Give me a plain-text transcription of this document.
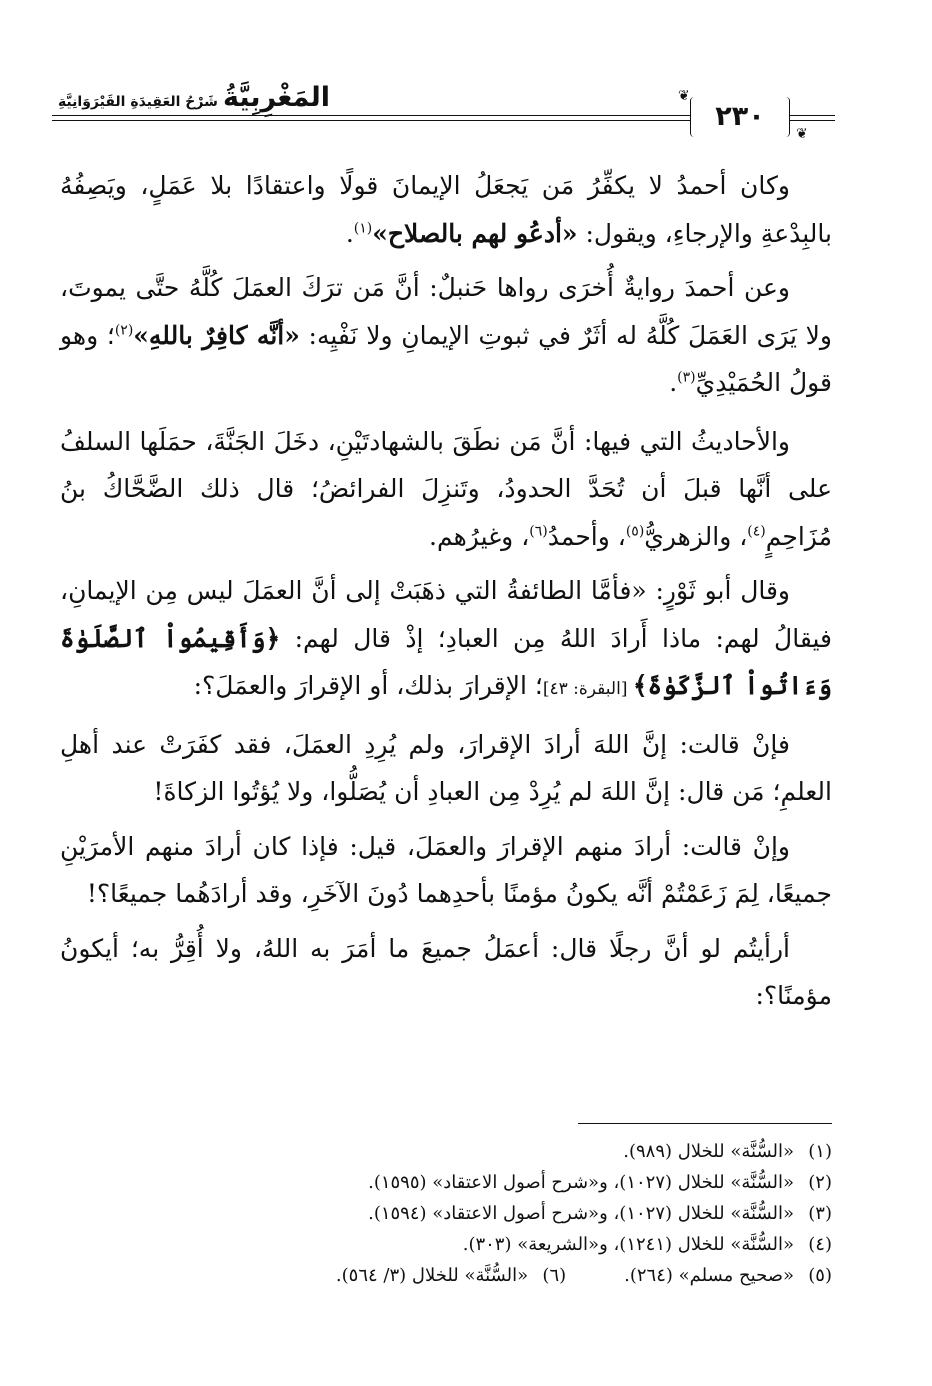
المَغْرِبِيَّةُ شَرْحُ العَقِيدَةِ القَيْرَوَانِيَّةِ	٢٣٠
❦
❦

وكان أحمدُ لا يكفِّرُ مَن يَجعَلُ الإيمانَ قولًا واعتقادًا بلا عَمَلٍ، ويَصِفُهُ بالبِدْعةِ والإرجاءِ، ويقول: «أدعُو لهم بالصلاح»$^{(١)}$.

وعن أحمدَ روايةٌ أُخرَى رواها حَنبلٌ: أنَّ مَن ترَكَ العمَلَ كُلَّهُ حتَّى يموتَ، ولا يَرَى العَمَلَ كُلَّهُ له أثَرٌ في ثبوتِ الإيمانِ ولا نَفْيِه: «أنَّه كافِرٌ باللهِ»$^{(٢)}$؛ وهو قولُ الحُمَيْدِيِّ$^{(٣)}$.

والأحاديثُ التي فيها: أنَّ مَن نطَقَ بالشهادتَيْنِ، دخَلَ الجَنَّةَ، حمَلَها السلفُ على أنَّها قبلَ أن تُحَدَّ الحدودُ، وتَنزِلَ الفرائضُ؛ قال ذلك الضَّحَّاكُ بنُ مُزَاحِمٍ$^{(٤)}$، والزهريُّ$^{(٥)}$، وأحمدُ$^{(٦)}$، وغيرُهم.

وقال أبو ثَوْرٍ: «فأمَّا الطائفةُ التي ذهَبَتْ إلى أنَّ العمَلَ ليس مِن الإيمانِ، فيقالُ لهم: ماذا أَرادَ اللهُ مِن العبادِ؛ إذْ قال لهم: ﴿وَأَقِيمُواْ ٱلصَّلَوٰةَ وَءَاتُواْ ٱلزَّكَوٰةَ﴾ [البقرة: ٤٣]؛ الإقرارَ بذلك، أو الإقرارَ والعمَلَ؟:

فإنْ قالت: إنَّ اللهَ أرادَ الإقرارَ، ولم يُرِدِ العمَلَ، فقد كفَرَتْ عند أهلِ العلمِ؛ مَن قال: إنَّ اللهَ لم يُرِدْ مِن العبادِ أن يُصَلُّوا، ولا يُؤتُوا الزكاةَ!

وإنْ قالت: أرادَ منهم الإقرارَ والعمَلَ، قيل: فإذا كان أرادَ منهم الأمرَيْنِ جميعًا، لِمَ زَعَمْتُمْ أنَّه يكونُ مؤمنًا بأحدِهما دُونَ الآخَرِ، وقد أرادَهُما جميعًا؟!

أرأيتُم لو أنَّ رجلًا قال: أعمَلُ جميعَ ما أمَرَ به اللهُ، ولا أُقِرُّ به؛ أيكونُ مؤمنًا؟:

(١)«السُّنَّة» للخلال (٩٨٩).
(٢)«السُّنَّة» للخلال (١٠٢٧)، و«شرح أصول الاعتقاد» (١٥٩٥).
(٣)«السُّنَّة» للخلال (١٠٢٧)، و«شرح أصول الاعتقاد» (١٥٩٤).
(٤)«السُّنَّة» للخلال (١٢٤١)، و«الشريعة» (٣٠٣).
(٥)«صحيح مسلم» (٢٦٤).
(٦)«السُّنَّة» للخلال (٣/ ٥٦٤).
